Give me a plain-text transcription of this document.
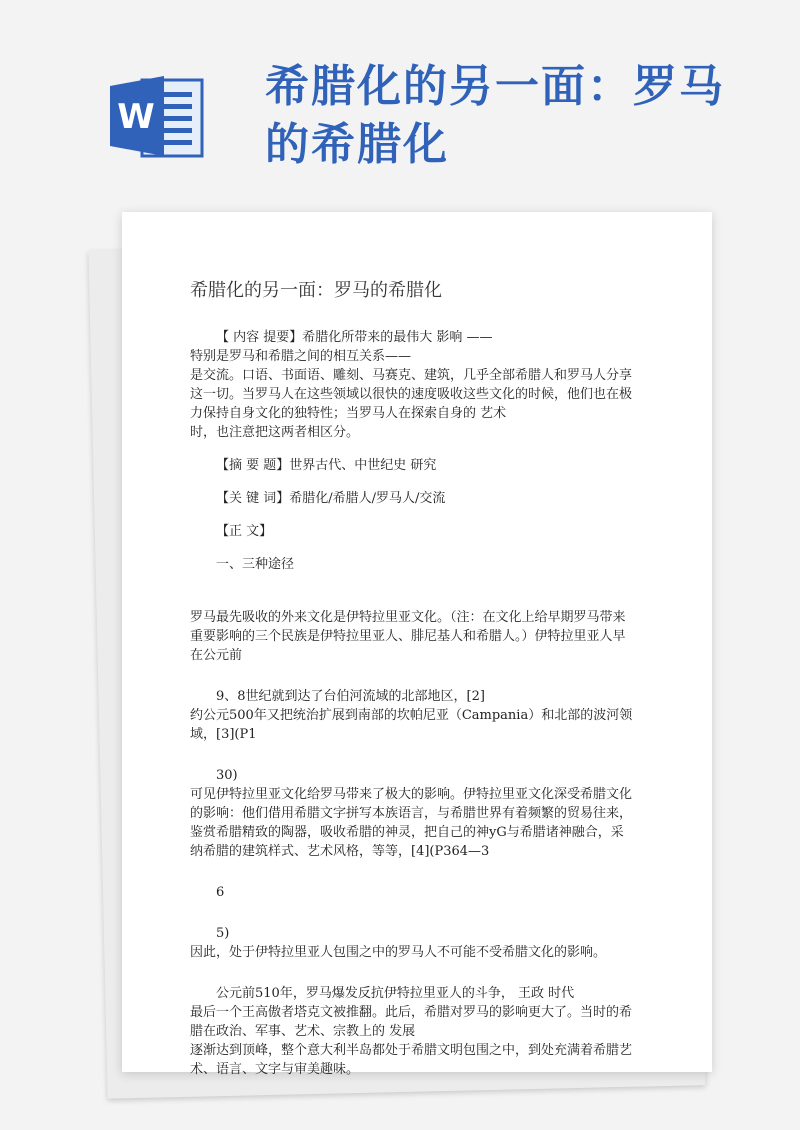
W
希腊化的另一面：罗马的希腊化
希腊化的另一面：罗马的希腊化

【 内容 提要】希腊化所带来的最伟大 影响 ——

特别是罗马和希腊之间的相互关系——

是交流。口语、书面语、雕刻、马赛克、建筑，几乎全部希腊人和罗马人分享这一切。当罗马人在这些领域以很快的速度吸收这些文化的时候，他们也在极力保持自身文化的独特性；当罗马人在探索自身的 艺术

时，也注意把这两者相区分。

【摘 要 题】世界古代、中世纪史 研究

【关 键 词】希腊化/希腊人/罗马人/交流

【正 文】

一、三种途径

罗马最先吸收的外来文化是伊特拉里亚文化。（注：在文化上给早期罗马带来重要影响的三个民族是伊特拉里亚人、腓尼基人和希腊人。）伊特拉里亚人早在公元前

9、8世纪就到达了台伯河流域的北部地区，[2]

约公元500年又把统治扩展到南部的坎帕尼亚（Campania）和北部的波河领域，[3](P1

30)

可见伊特拉里亚文化给罗马带来了极大的影响。伊特拉里亚文化深受希腊文化的影响：他们借用希腊文字拼写本族语言，与希腊世界有着频繁的贸易往来，鉴赏希腊精致的陶器，吸收希腊的神灵，把自己的神yG与希腊诸神融合，采纳希腊的建筑样式、艺术风格，等等，[4](P364—3

6

5)

因此，处于伊特拉里亚人包围之中的罗马人不可能不受希腊文化的影响。

公元前510年，罗马爆发反抗伊特拉里亚人的斗争， 王政 时代

最后一个王高傲者塔克文被推翻。此后，希腊对罗马的影响更大了。当时的希腊在政治、军事、艺术、宗教上的 发展

逐渐达到顶峰，整个意大利半岛都处于希腊文明包围之中，到处充满着希腊艺术、语言、文字与审美趣味。
